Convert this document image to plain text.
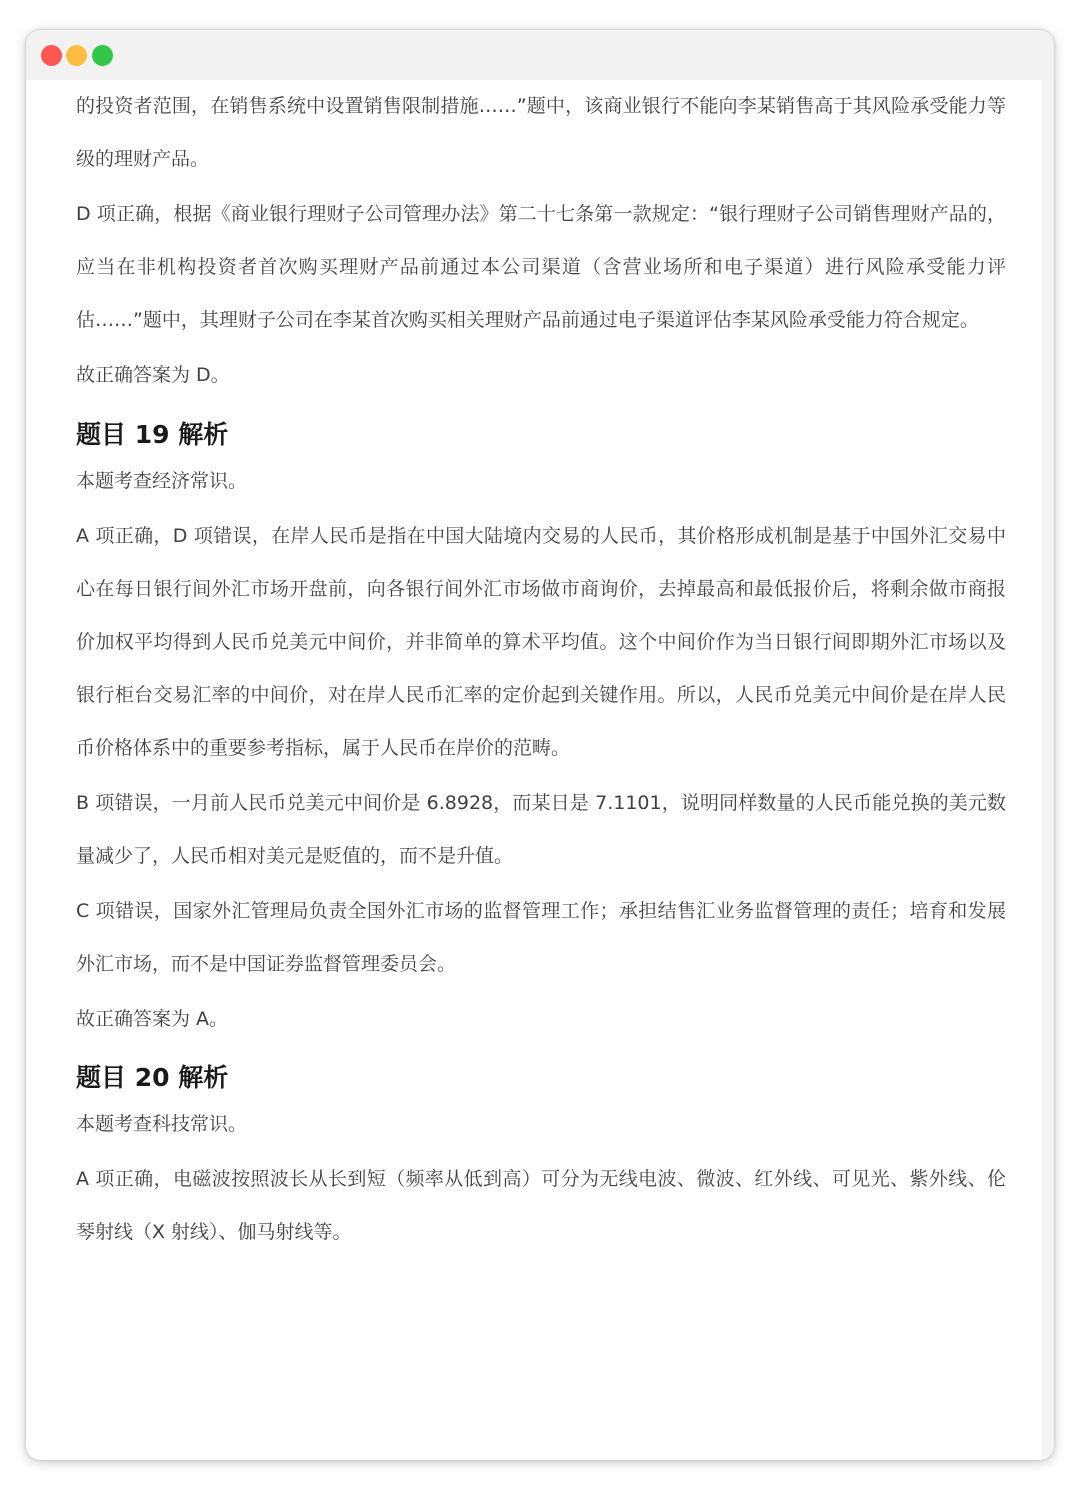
的投资者范围，在销售系统中设置销售限制措施……”题中，该商业银行不能向李某销售高于其风险承受能力等级的理财产品。

D 项正确，根据《商业银行理财子公司管理办法》第二十七条第一款规定：“银行理财子公司销售理财产品的，应当在非机构投资者首次购买理财产品前通过本公司渠道（含营业场所和电子渠道）进行风险承受能力评估……”题中，其理财子公司在李某首次购买相关理财产品前通过电子渠道评估李某风险承受能力符合规定。

故正确答案为 D。

题目 19 解析

本题考查经济常识。

A 项正确，D 项错误，在岸人民币是指在中国大陆境内交易的人民币，其价格形成机制是基于中国外汇交易中心在每日银行间外汇市场开盘前，向各银行间外汇市场做市商询价，去掉最高和最低报价后，将剩余做市商报价加权平均得到人民币兑美元中间价，并非简单的算术平均值。这个中间价作为当日银行间即期外汇市场以及银行柜台交易汇率的中间价，对在岸人民币汇率的定价起到关键作用。所以，人民币兑美元中间价是在岸人民币价格体系中的重要参考指标，属于人民币在岸价的范畴。

B 项错误，一月前人民币兑美元中间价是 6.8928，而某日是 7.1101，说明同样数量的人民币能兑换的美元数量减少了，人民币相对美元是贬值的，而不是升值。

C 项错误，国家外汇管理局负责全国外汇市场的监督管理工作；承担结售汇业务监督管理的责任；培育和发展外汇市场，而不是中国证券监督管理委员会。

故正确答案为 A。

题目 20 解析

本题考查科技常识。

A 项正确，电磁波按照波长从长到短（频率从低到高）可分为无线电波、微波、红外线、可见光、紫外线、伦琴射线（X 射线）、伽马射线等。
